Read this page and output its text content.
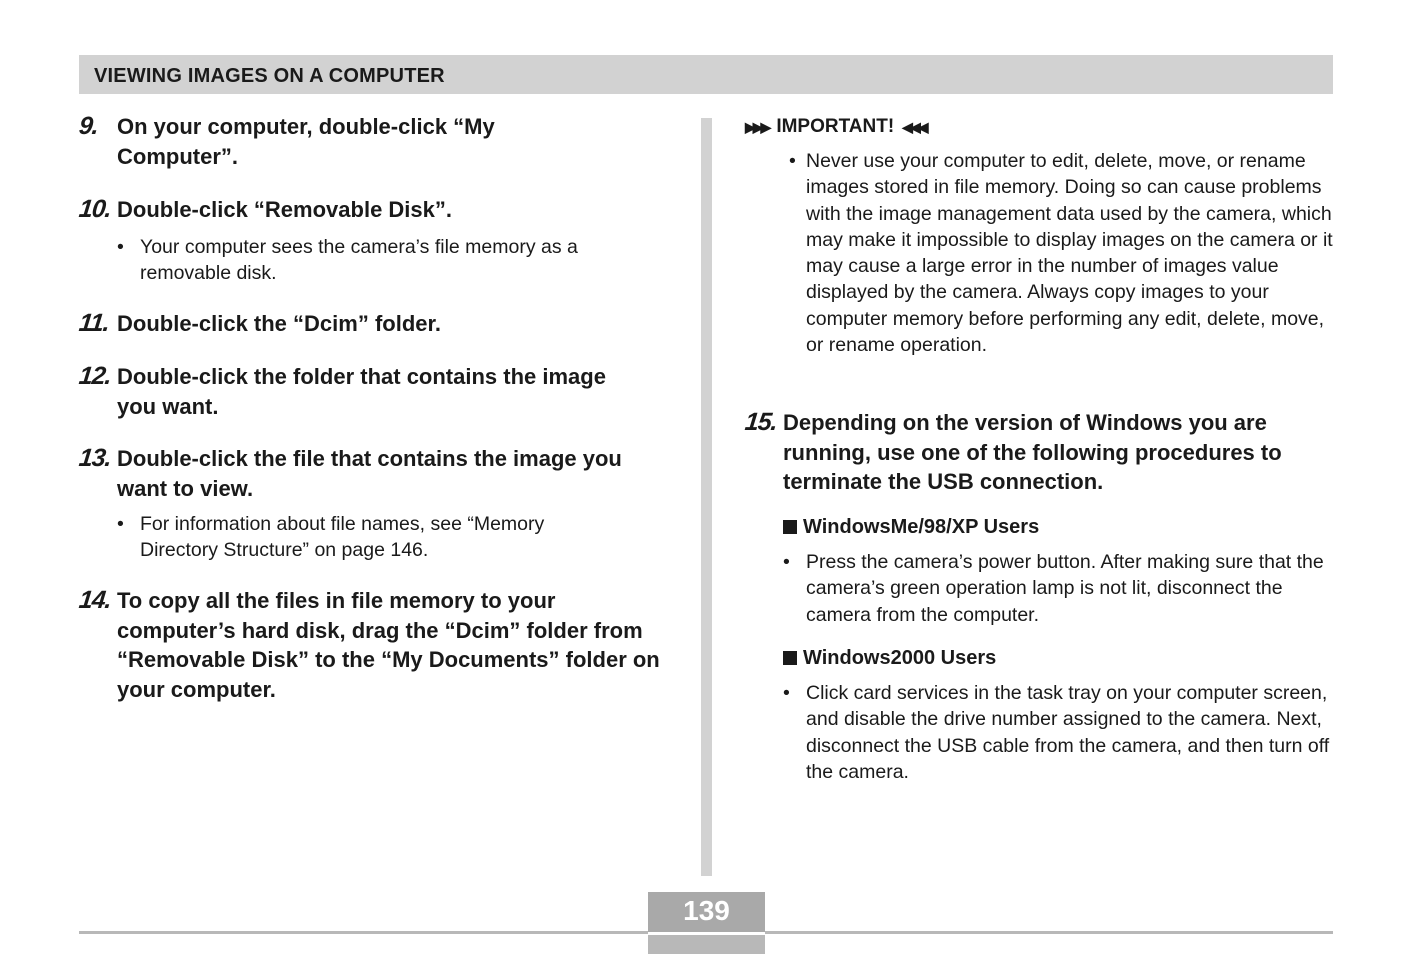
VIEWING IMAGES ON A COMPUTER
9. On your computer, double-click “My Computer”.
10. Double-click “Removable Disk”.
• Your computer sees the camera’s file memory as a removable disk.
11. Double-click the “Dcim” folder.
12. Double-click the folder that contains the image you want.
13. Double-click the file that contains the image you want to view.
• For information about file names, see “Memory Directory Structure” on page 146.
14. To copy all the files in file memory to your computer’s hard disk, drag the “Dcim” folder from “Removable Disk” to the “My Documents” folder on your computer.
▶▶▶ IMPORTANT! ◀◀◀
• Never use your computer to edit, delete, move, or rename images stored in file memory. Doing so can cause problems with the image management data used by the camera, which may make it impossible to display images on the camera or it may cause a large error in the number of images value displayed by the camera. Always copy images to your computer memory before performing any edit, delete, move, or rename operation.
15. Depending on the version of Windows you are running, use one of the following procedures to terminate the USB connection.
WindowsMe/98/XP Users
• Press the camera’s power button. After making sure that the camera’s green operation lamp is not lit, disconnect the camera from the computer.
Windows2000 Users
• Click card services in the task tray on your computer screen, and disable the drive number assigned to the camera. Next, disconnect the USB cable from the camera, and then turn off the camera.
139
